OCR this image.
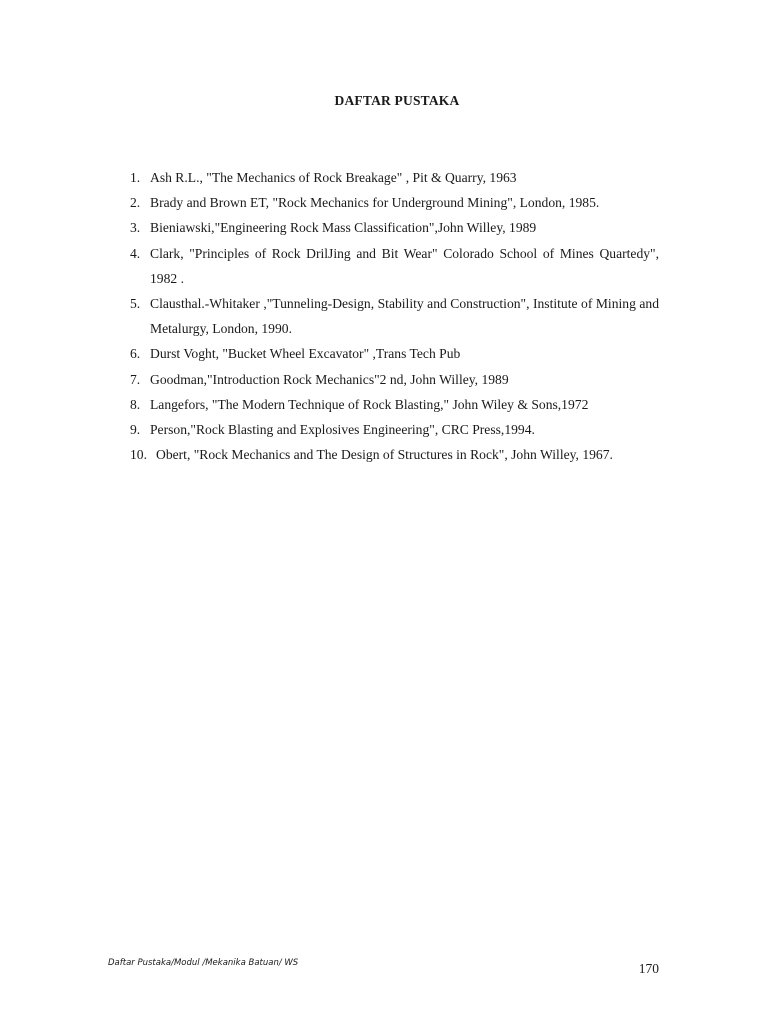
DAFTAR PUSTAKA
1. Ash R.L., "The Mechanics of Rock Breakage" , Pit & Quarry, 1963
2. Brady and Brown ET, "Rock Mechanics for Underground Mining", London, 1985.
3. Bieniawski,"Engineering Rock Mass Classification",John Willey, 1989
4. Clark, "Principles of Rock DrilJing and Bit Wear" Colorado School of Mines Quartedy", 1982 .
5. Clausthal.-Whitaker ,"Tunneling-Design, Stability and Construction", Institute of Mining and Metalurgy, London, 1990.
6. Durst Voght, "Bucket Wheel Excavator" ,Trans Tech Pub
7. Goodman,"Introduction Rock Mechanics"2 nd, John Willey, 1989
8. Langefors, "The Modern Technique of Rock Blasting," John Wiley & Sons,1972
9. Person,"Rock Blasting and Explosives Engineering", CRC Press,1994.
10. Obert, "Rock Mechanics and The Design of Structures in Rock", John Willey, 1967.
Daftar Pustaka/Modul /Mekanika Batuan/ WS	170
